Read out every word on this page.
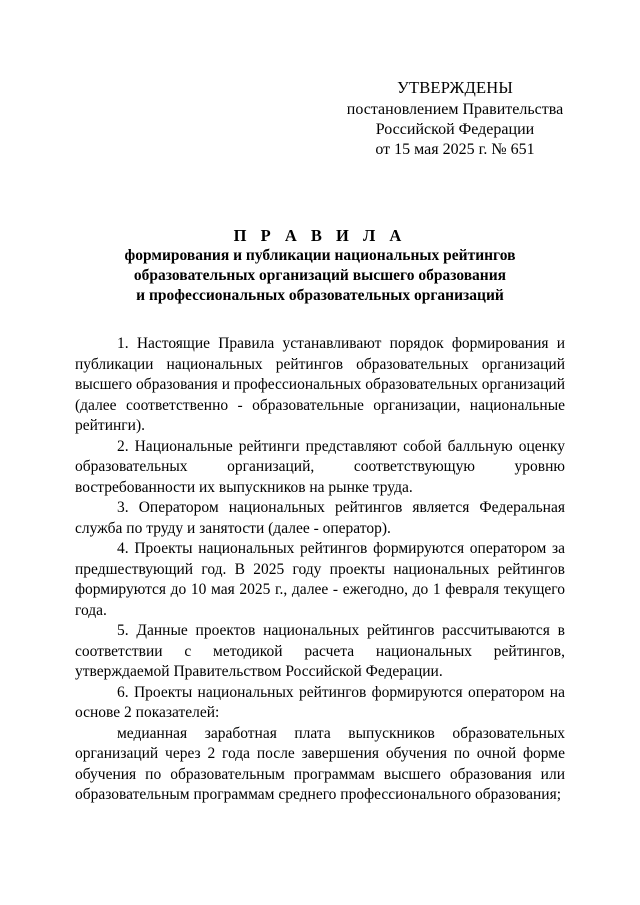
УТВЕРЖДЕНЫ
постановлением Правительства
Российской Федерации
от 15 мая 2025 г. № 651
П Р А В И Л А
формирования и публикации национальных рейтингов
образовательных организаций высшего образования
и профессиональных образовательных организаций

1. Настоящие Правила устанавливают порядок формирования и публикации национальных рейтингов образовательных организаций высшего образования и профессиональных образовательных организаций (далее соответственно - образовательные организации, национальные рейтинги).

2. Национальные рейтинги представляют собой балльную оценку образовательных организаций, соответствующую уровню востребованности их выпускников на рынке труда.

3. Оператором национальных рейтингов является Федеральная служба по труду и занятости (далее - оператор).

4. Проекты национальных рейтингов формируются оператором за предшествующий год. В 2025 году проекты национальных рейтингов формируются до 10 мая 2025 г., далее - ежегодно, до 1 февраля текущего года.

5. Данные проектов национальных рейтингов рассчитываются в соответствии с методикой расчета национальных рейтингов, утверждаемой Правительством Российской Федерации.

6. Проекты национальных рейтингов формируются оператором на основе 2 показателей:

медианная заработная плата выпускников образовательных организаций через 2 года после завершения обучения по очной форме обучения по образовательным программам высшего образования или образовательным программам среднего профессионального образования;
